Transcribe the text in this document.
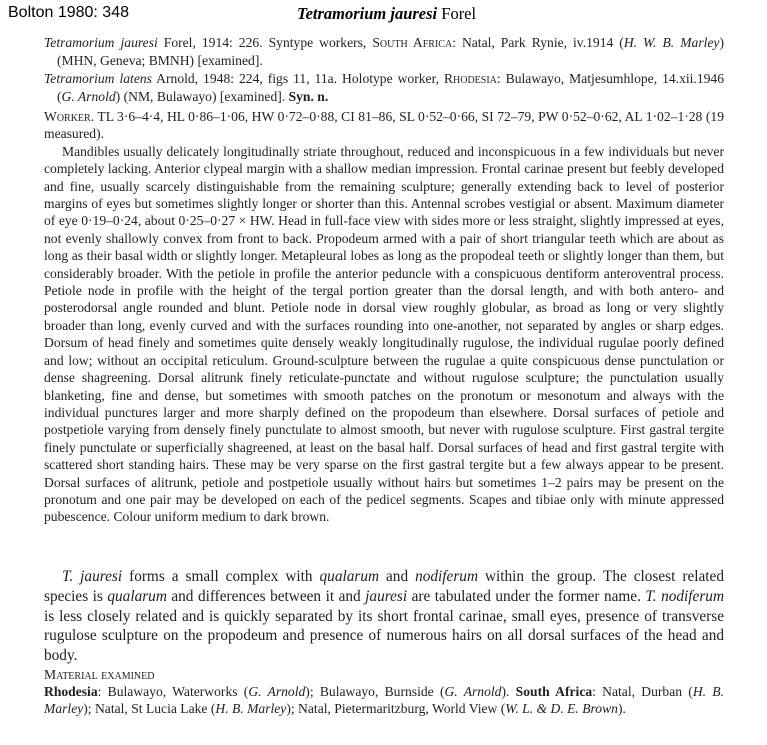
Bolton 1980: 348	Tetramorium jauresi Forel

Tetramorium jauresi Forel, 1914: 226. Syntype workers, South Africa: Natal, Park Rynie, iv.1914 (H. W. B. Marley) (MHN, Geneva; BMNH) [examined].

Tetramorium latens Arnold, 1948: 224, figs 11, 11a. Holotype worker, Rhodesia: Bulawayo, Matjesumhlope, 14.xii.1946 (G. Arnold) (NM, Bulawayo) [examined]. Syn. n.

Worker. TL 3·6–4·4, HL 0·86–1·06, HW 0·72–0·88, CI 81–86, SL 0·52–0·66, SI 72–79, PW 0·52–0·62, AL 1·02–1·28 (19 measured).

Mandibles usually delicately longitudinally striate throughout, reduced and inconspicuous in a few individuals but never completely lacking. Anterior clypeal margin with a shallow median impression. Frontal carinae present but feebly developed and fine, usually scarcely distinguishable from the remaining sculpture; generally extending back to level of posterior margins of eyes but sometimes slightly longer or shorter than this. Antennal scrobes vestigial or absent. Maximum diameter of eye 0·19–0·24, about 0·25–0·27 × HW. Head in full-face view with sides more or less straight, slightly impressed at eyes, not evenly shallowly convex from front to back. Propodeum armed with a pair of short triangular teeth which are about as long as their basal width or slightly longer. Metapleural lobes as long as the propodeal teeth or slightly longer than them, but considerably broader. With the petiole in profile the anterior peduncle with a conspicuous dentiform anteroventral process. Petiole node in profile with the height of the tergal portion greater than the dorsal length, and with both antero- and posterodorsal angle rounded and blunt. Petiole node in dorsal view roughly globular, as broad as long or very slightly broader than long, evenly curved and with the surfaces rounding into one-another, not separated by angles or sharp edges. Dorsum of head finely and sometimes quite densely weakly longitudinally rugulose, the individual rugulae poorly defined and low; without an occipital reticulum. Ground-sculpture between the rugulae a quite conspicuous dense punctulation or dense shagreening. Dorsal alitrunk finely reticulate-punctate and without rugulose sculpture; the punctulation usually blanketing, fine and dense, but sometimes with smooth patches on the pronotum or mesonotum and always with the individual punctures larger and more sharply defined on the propodeum than elsewhere. Dorsal surfaces of petiole and postpetiole varying from densely finely punctulate to almost smooth, but never with rugulose sculpture. First gastral tergite finely punctulate or superficially shagreened, at least on the basal half. Dorsal surfaces of head and first gastral tergite with scattered short standing hairs. These may be very sparse on the first gastral tergite but a few always appear to be present. Dorsal surfaces of alitrunk, petiole and postpetiole usually without hairs but sometimes 1–2 pairs may be present on the pronotum and one pair may be developed on each of the pedicel segments. Scapes and tibiae only with minute appressed pubescence. Colour uniform medium to dark brown.

T. jauresi forms a small complex with qualarum and nodiferum within the group. The closest related species is qualarum and differences between it and jauresi are tabulated under the former name. T. nodiferum is less closely related and is quickly separated by its short frontal carinae, small eyes, presence of transverse rugulose sculpture on the propodeum and presence of numerous hairs on all dorsal surfaces of the head and body.

Material examined

Rhodesia: Bulawayo, Waterworks (G. Arnold); Bulawayo, Burnside (G. Arnold). South Africa: Natal, Durban (H. B. Marley); Natal, St Lucia Lake (H. B. Marley); Natal, Pietermaritzburg, World View (W. L. & D. E. Brown).
